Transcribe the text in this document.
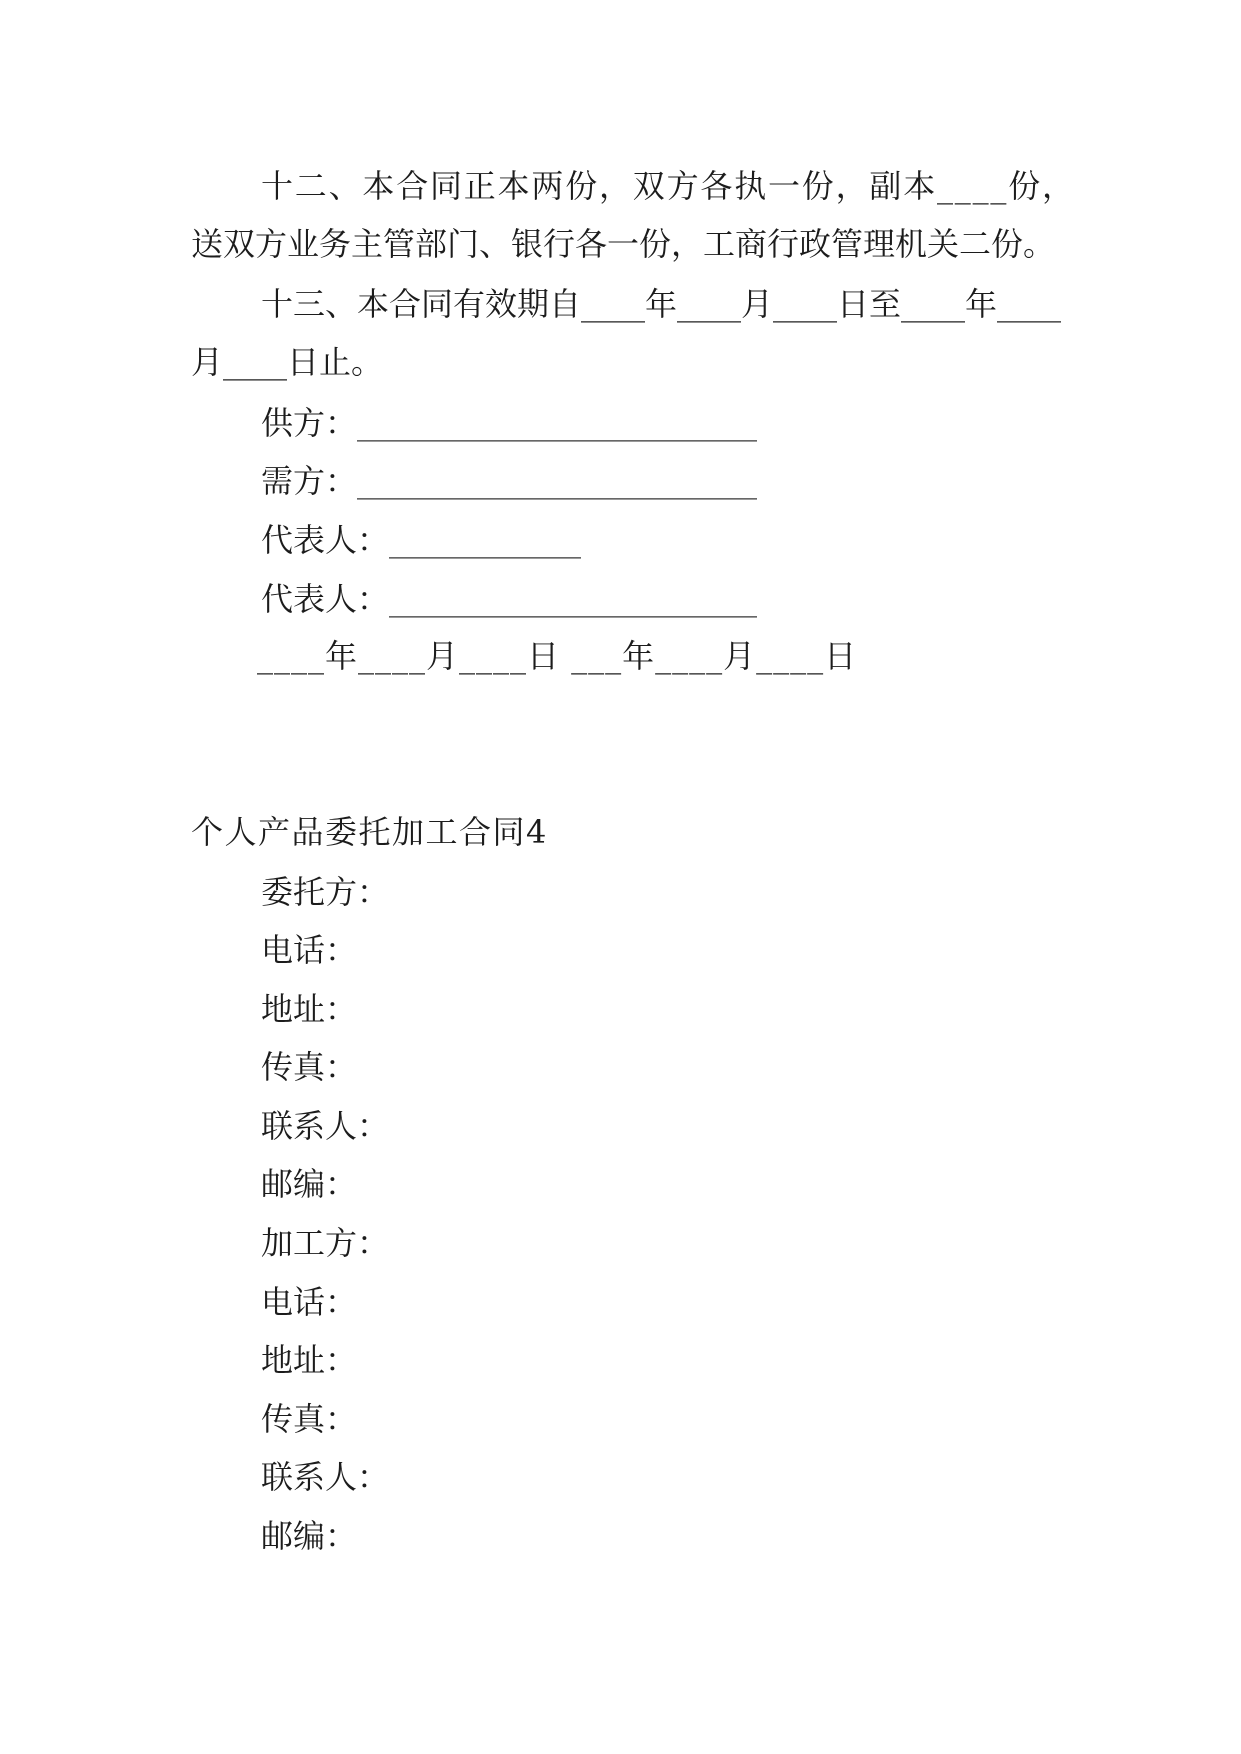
十二、本合同正本两份，双方各执一份，副本____份，
送双方业务主管部门、银行各一份，工商行政管理机关二份。
十三、本合同有效期自____年____月____日至____年____
月____日止。
供方：_________________________
需方：_________________________
代表人：____________
代表人：_______________________
____年____月____日 ___年____月____日
个人产品委托加工合同4
委托方：
电话：
地址：
传真：
联系人：
邮编：
加工方：
电话：
地址：
传真：
联系人：
邮编：
